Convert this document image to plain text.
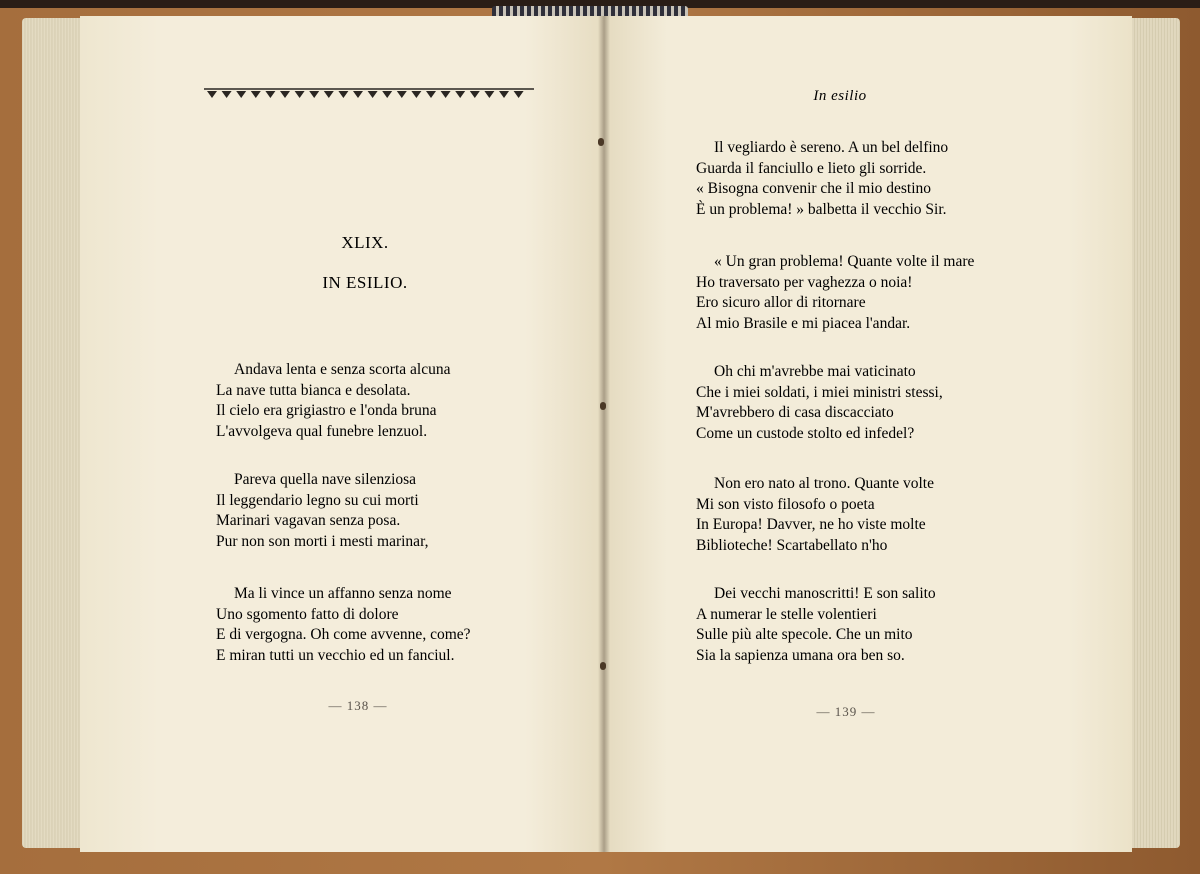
XLIX.
IN ESILIO.
Andava lenta e senza scorta alcuna
La nave tutta bianca e desolata.
Il cielo era grigiastro e l'onda bruna
L'avvolgeva qual funebre lenzuol.
Pareva quella nave silenziosa
Il leggendario legno su cui morti
Marinari vagavan senza posa.
Pur non son morti i mesti marinar,
Ma li vince un affanno senza nome
Uno sgomento fatto di dolore
E di vergogna. Oh come avvenne, come?
E miran tutti un vecchio ed un fanciul.
— 138 —
In esilio
Il vegliardo è sereno. A un bel delfino
Guarda il fanciullo e lieto gli sorride.
« Bisogna convenir che il mio destino
È un problema! » balbetta il vecchio Sir.
« Un gran problema! Quante volte il mare
Ho traversato per vaghezza o noia!
Ero sicuro allor di ritornare
Al mio Brasile e mi piacea l'andar.
Oh chi m'avrebbe mai vaticinato
Che i miei soldati, i miei ministri stessi,
M'avrebbero di casa discacciato
Come un custode stolto ed infedel?
Non ero nato al trono. Quante volte
Mi son visto filosofo o poeta
In Europa! Davver, ne ho viste molte
Biblioteche! Scartabellato n'ho
Dei vecchi manoscritti! E son salito
A numerar le stelle volentieri
Sulle più alte specole. Che un mito
Sia la sapienza umana ora ben so.
— 139 —
